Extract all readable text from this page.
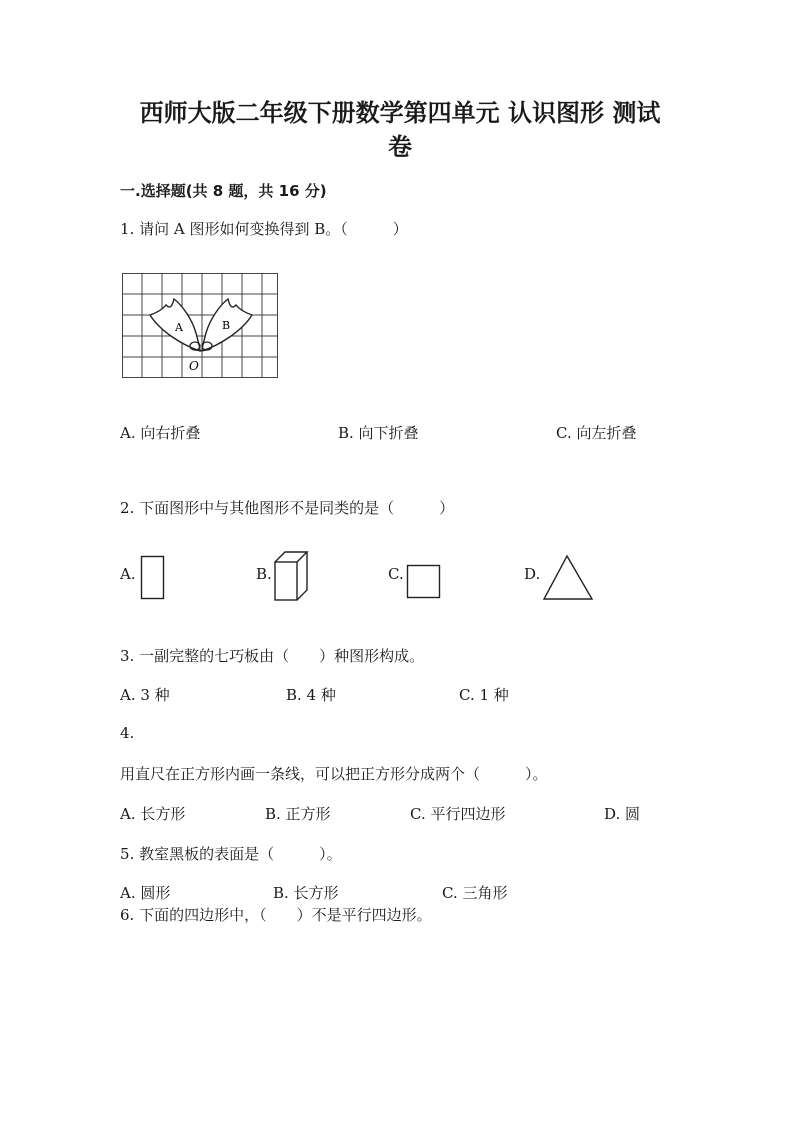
西师大版二年级下册数学第四单元 认识图形 测试
卷
一.选择题(共 8 题，共 16 分)
1. 请问 A 图形如何变换得到 B。（　　　）
A	B
O
A. 向右折叠	B. 向下折叠	C. 向左折叠
2. 下面图形中与其他图形不是同类的是（　　　）
A.	B.	C.	D.
3. 一副完整的七巧板由（　　）种图形构成。
A. 3 种	B. 4 种	C. 1 种
4.
用直尺在正方形内画一条线，可以把正方形分成两个（　　　）。
A. 长方形	B. 正方形	C. 平行四边形	D. 圆
5. 教室黑板的表面是（　　　）。
A. 圆形	B. 长方形	C. 三角形
6. 下面的四边形中，（　　）不是平行四边形。
